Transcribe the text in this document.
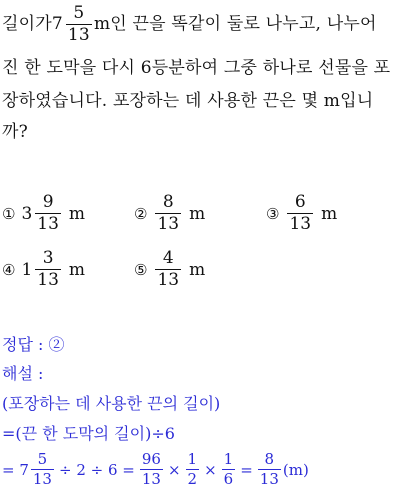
길이가 $7 \frac{5}{13}$ m인 끈을 똑같이 둘로 나누고, 나누어
진 한 도막을 다시 6등분하여 그중 하나로 선물을 포
장하였습니다. 포장하는 데 사용한 끈은 몇 m입니
까?
① $3 \frac{9}{13}$ m	② $\frac{8}{13}$ m	③ $\frac{6}{13}$ m
④ $1 \frac{3}{13}$ m	⑤ $\frac{4}{13}$ m
정답 : ②
해설 :
(포장하는 데 사용한 끈의 길이)
=(끈 한 도막의 길이)÷6
= $7 \frac{5}{13} \div 2 \div 6 = \frac{96}{13} \times \frac{1}{2} \times \frac{1}{6} = \frac{8}{13} (m)$
